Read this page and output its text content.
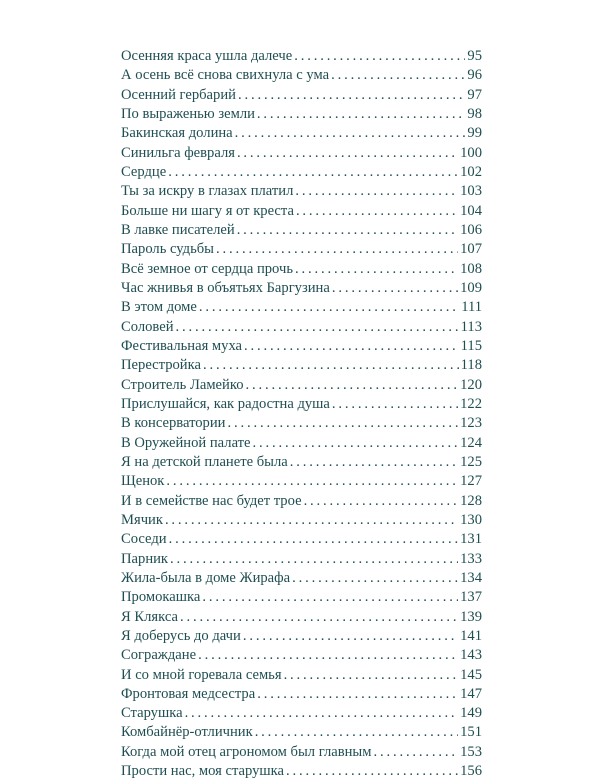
Осенняя краса ушла далече . . .	95
А осень всё снова свихнула с ума . . .	96
Осенний гербарий . . .	97
По выраженью земли . . .	98
Бакинская долина . . .	99
Синильга февраля . . .	100
Сердце . . .	102
Ты за искру в глазах платил . . .	103
Больше ни шагу я от креста . . .	104
В лавке писателей . . .	106
Пароль судьбы . . .	107
Всё земное от сердца прочь . . .	108
Час жнивья в объятьях Баргузина . . .	109
В этом доме . . .	111
Соловей . . .	113
Фестивальная муха . . .	115
Перестройка . . .	118
Строитель Ламейко . . .	120
Прислушайся, как радостна душа . . .	122
В консерватории . . .	123
В Оружейной палате . . .	124
Я на детской планете была . . .	125
Щенок . . .	127
И в семействе нас будет трое . . .	128
Мячик . . .	130
Соседи . . .	131
Парник . . .	133
Жила-была в доме Жирафа . . .	134
Промокашка . . .	137
Я Клякса . . .	139
Я доберусь до дачи . . .	141
Сограждане . . .	143
И со мной горевала семья . . .	145
Фронтовая медсестра . . .	147
Старушка . . .	149
Комбайнёр-отличник . . .	151
Когда мой отец агрономом был главным . . .	153
Прости нас, моя старушка . . .	156
